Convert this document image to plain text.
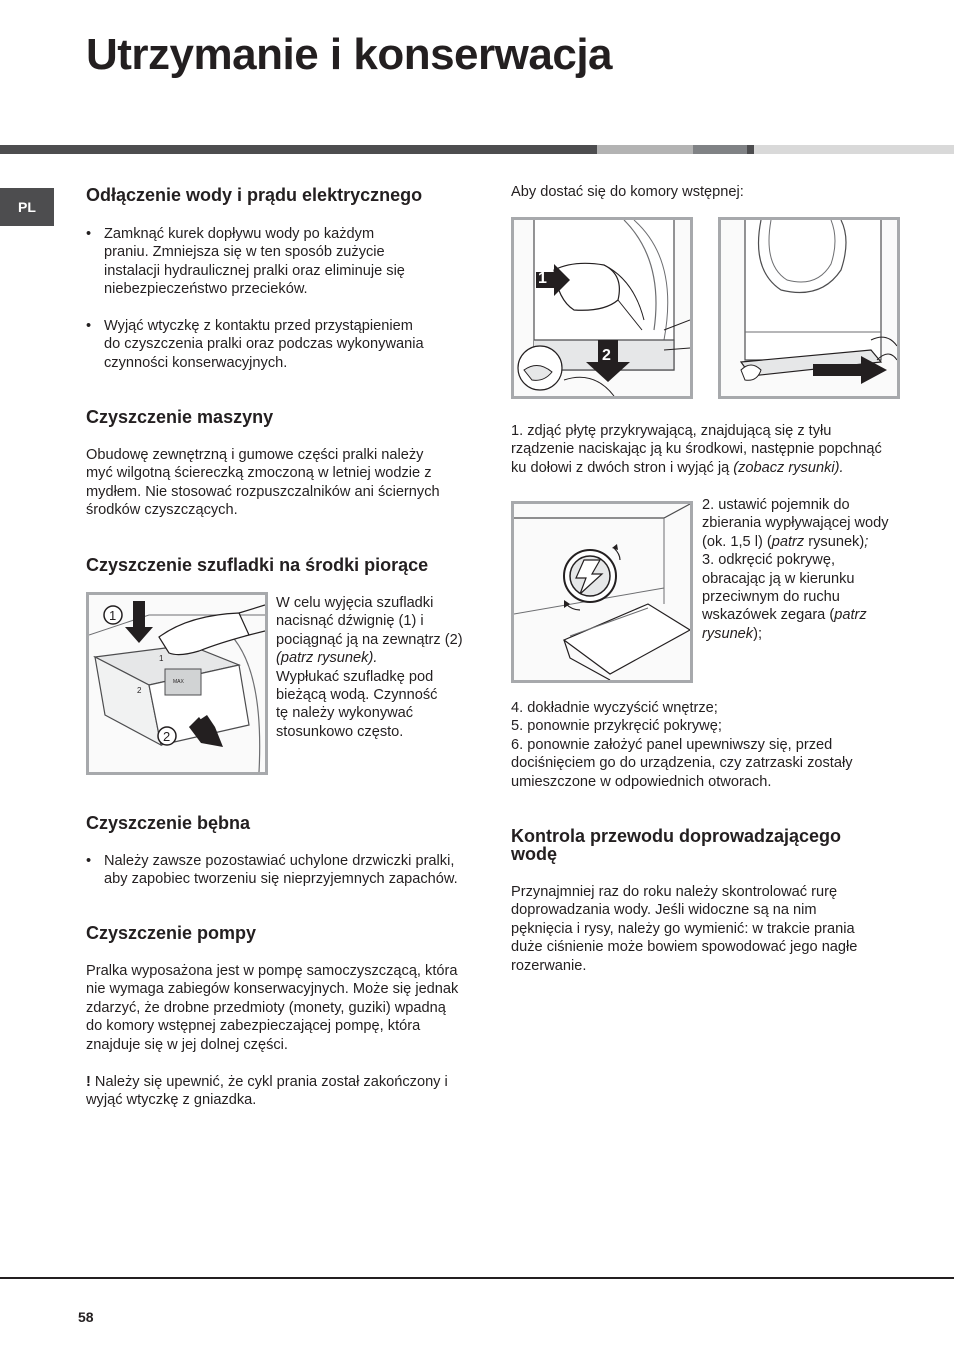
Utrzymanie i konserwacja
PL
Odłączenie wody i prądu elektrycznego
• Zamknąć kurek dopływu wody po każdym
praniu. Zmniejsza się w ten sposób zużycie
instalacji hydraulicznej pralki oraz eliminuje się
niebezpieczeństwo przecieków.
• Wyjąć wtyczkę z kontaktu przed przystąpieniem
do czyszczenia pralki oraz podczas wykonywania
czynności konserwacyjnych.
Czyszczenie maszyny
Obudowę zewnętrzną i gumowe części pralki należy
myć wilgotną ściereczką zmoczoną w letniej wodzie z
mydłem. Nie stosować rozpuszczalników ani ściernych
środków czyszczących.
Czyszczenie szufladki na środki piorące
MAX
1
2
1
2
W celu wyjęcia szufladki
nacisnąć dźwignię (1) i
pociągnąć ją na zewnątrz (2)
(patrz rysunek).
Wypłukać szufladkę pod
bieżącą wodą. Czynność
tę należy wykonywać
stosunkowo często.
Czyszczenie bębna
• Należy zawsze pozostawiać uchylone drzwiczki pralki,
aby zapobiec tworzeniu się nieprzyjemnych zapachów.
Czyszczenie pompy
Pralka wyposażona jest w pompę samoczyszczącą, która
nie wymaga zabiegów konserwacyjnych. Może się jednak
zdarzyć, że drobne przedmioty (monety, guziki) wpadną
do komory wstępnej zabezpieczającej pompę, która
znajduje się w jej dolnej części.
! Należy się upewnić, że cykl prania został zakończony i
wyjąć wtyczkę z gniazdka.
Aby dostać się do komory wstępnej:
1
2
1. zdjąć płytę przykrywającą, znajdującą się z tyłu
rządzenie naciskając ją ku środkowi, następnie popchnąć
ku dołowi z dwóch stron i wyjąć ją (zobacz rysunki).
2. ustawić pojemnik do
zbierania wypływającej wody
(ok. 1,5 l) (patrz rysunek);
3. odkręcić pokrywę,
obracając ją w kierunku
przeciwnym do ruchu
wskazówek zegara (patrz
rysunek);
4. dokładnie wyczyścić wnętrze;
5. ponownie przykręcić pokrywę;
6. ponownie założyć panel upewniwszy się, przed
dociśnięciem go do urządzenia, czy zatrzaski zostały
umieszczone w odpowiednich otworach.
Kontrola przewodu doprowadzającego
wodę
Przynajmniej raz do roku należy skontrolować rurę
doprowadzania wody. Jeśli widoczne są na nim
pęknięcia i rysy, należy go wymienić: w trakcie prania
duże ciśnienie może bowiem spowodować jego nagłe
rozerwanie.
58
